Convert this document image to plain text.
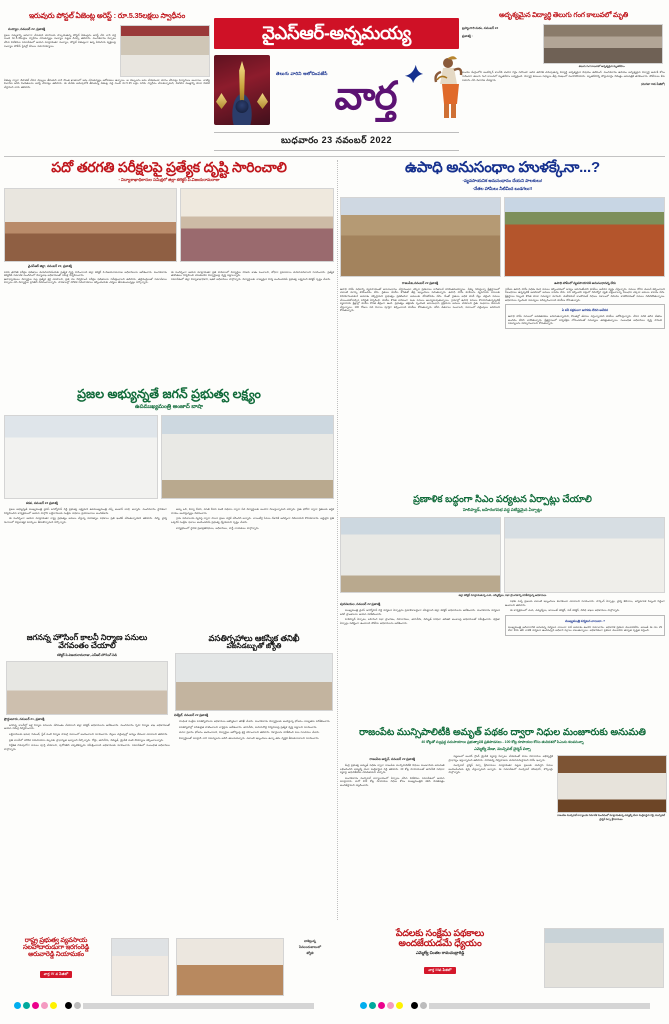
ఇరువురు పోస్టల్ ఏజెంట్ల అరెస్ట్ : రూ.5.35లక్షలు స్వాధీనం
నంద్యాల, నవంబర్ 22, ప్రజాశక్తి
ప్రజల నమ్మకాన్ని ఆసరాగా చేసుకుని మోసాలకు పాల్పడుతున్న పోస్టల్ ఏజెంట్లను అరెస్ట్ చేసి వారి వద్ద నుంచి రూ.5.35లక్షలు స్వాధీనం చేసుకున్నట్లు నంద్యాల పట్టణ డిఎస్పీ తెలిపారు. మంగళవారం ఏర్పాటు చేసిన విలేకరుల సమావేశంలో ఆయన మాట్లాడుతూ నంద్యాల, పోస్టల్ ఏజెంట్లుగా ఉన్న ఏడుగురు వ్యక్తులపై నంద్యాల పోలీస్ స్టేషన్లో కేసులు నమోదయ్యాయి.
ఏజెంట్ల ద్వారా డిపాజిట్ చేసిన డబ్బులు తీసుకుని వారి సొంత ఖాతాలలో జమ చేసుకున్నట్లు ఆరోపణలు ఉన్నాయి. ఆ డబ్బులను జమ చేయకుండా మోసం చేసినట్లు ఫిర్యాదులు అందాయి. వాటిపై విచారణ జరిపి నిందితులను అరెస్ట్ చేసినట్లు తెలిపారు. ఈ మేరకు అదుపులోకి తీసుకున్న ఏజెంట్ల వద్ద నుంచి రూ.5.35 లక్షల నగదు స్వాధీనం చేసుకున్నామని, మిగిలిన మొత్తాన్ని కూడా రికవరీ చేస్తామని వారు తెలిపారు.
వైఎస్ఆర్-అన్నమయ్య
తెలుగు వారిని ఆలోచింపజేసే
వార్త
బుధవారం 23 నవంబర్ 2022
అదృశ్యమైన విద్యార్థి తెలుగు గంగ కాలువలో మృతి
బ్రహ్మంగారి మఠం, నవంబర్ 22
ప్రజాశక్తి :
తెలుగు గంగ కాలువలో అదృశ్యమైన మృతదేహం.
మండల కేంద్రంలోని అంబేద్కర్ కాలనీకి చెందిన గడ్డం నరసింహ ఆరవ తరగతి చదువుతున్న విద్యార్థి అదృశ్యమైన విషయం తెలిసిందే. మంగళవారం ఉదయం అదృశ్యమైన విద్యార్థి ఆచూకీ కోసం గాలించగా తెలుగు గంగ కాలువలో మృతదేహం లభ్యమైంది. విద్యార్థి కుటుంబ సభ్యులు తీవ్ర దుఃఖంలో మునిగిపోయారు. మృతదేహాన్ని పోస్టుమార్టం నిమిత్తం ఆసుపత్రికి తరలించారు. పోలీసులు కేసు నమోదు చేసి విచారణ చేపట్టారు.
(మిగతా IIIవ పేజీలో)
పదో తరగతి పరీక్షలపై ప్రత్యేక దృష్టి సారించాలి
- విద్యాశాఖాధికారుల సమీక్షలో జిల్లా కలెక్టర్ పి.విజయరామరాజు
వైఎస్ఆర్ జిల్లా, నవంబర్ 22, ప్రజాశక్తి
పదవ తరగతి పరీక్షల ఫలితాలు మెరుగుపరిచేందుకు ప్రత్యేక దృష్టి సారించాలని జిల్లా కలెక్టర్ పి.విజయరామరాజు అధికారులను ఆదేశించారు. మంగళవారం కలెక్టరేట్ సమావేశ మందిరంలో విద్యాశాఖ అధికారులతో సమీక్ష నిర్వహించారు.
ఈ సందర్భంగా ఆయన మాట్లాడుతూ ప్రతి పాఠశాలలో విద్యార్థుల హాజరు శాతం పెంచాలని, బోధనా ప్రమాణాలు మెరుగుపరచాలని సూచించారు. ప్రత్యేక తరగతులు నిర్వహించి వెనుకబడిన విద్యార్థులపై దృష్టి పెట్టాలన్నారు.
ఉపాధ్యాయులు విద్యార్థుల పట్ల ప్రత్యేక శ్రద్ధ చూపాలని, ప్రతి నెల నిర్వహించే పరీక్షల ఫలితాలను సమీక్షించాలని తెలిపారు. తల్లిదండ్రులతో సమావేశాలు ఏర్పాటు చేసి విద్యార్థుల ప్రగతిని వివరించాలన్నారు. పాఠశాలల్లో మౌలిక సదుపాయాలు కల్పించేందుకు చర్యలు తీసుకుంటున్నట్లు పేర్కొన్నారు.
సమావేశంలో జిల్లా విద్యాశాఖాధికారి, ఇతర అధికారులు పాల్గొన్నారు. విద్యార్థులకు నాణ్యమైన విద్య అందించడమే ప్రభుత్వ లక్ష్యమని కలెక్టర్ స్పష్టం చేశారు.
ఉపాధి అనుసంధాం హుళక్కేనా...?
-వ్యవసాయనిక అనుసంధానం చేయని పాలకులు!
-నేతల హామీలు నీటిమీద బుడగలు!!
రాజంపేట,నవంబర్ 22 ప్రజాశక్తి
ఉపాధి హామీ పథకాన్ని వ్యవసాయంతో అనుసంధానం చేస్తామంటూ చెప్పిన ప్రకటనలు కాగితాలకే పరిమితమయ్యాయి. ఏళ్ళు గడుస్తున్నా క్షేత్రస్థాయిలో ఎలాంటి మార్పు కనిపించడం లేదు. రైతులు కూలీల కొరతతో తీవ్ర ఇబ్బందులు పడుతున్నారు. ఉపాధి హామీ కూలీలను వ్యవసాయ పనులకు వినియోగించుకునే అవకాశం కల్పిస్తామని ప్రభుత్వం ప్రకటించినా అమలుకు నోచుకోవడం లేదు. దీంతో రైతులు అధిక కూలీ రేట్లు చెల్లించి పనులు చేయించుకోవాల్సిన పరిస్థితి ఏర్పడింది. కూలీల కొరత కారణంగా పంట పనులు ఆలస్యమవుతున్నాయి. గ్రామాల్లో ఉపాధి పనులు కొనసాగుతున్నప్పటికీ వ్యవసాయ క్షేత్రాల్లో కూలీల కొరత తీవ్రంగా ఉంది. ప్రభుత్వం తక్షణమే స్పందించి అనుసంధాన ప్రక్రియను అమలు చేయాలని రైతు సంఘాలు డిమాండ్ చేస్తున్నాయి. 100 రోజుల పని దినాలు పూర్తిగా కల్పించాలని కూలీలు కోరుతున్నారు. కనీస వేతనాలు పెంచాలని, సకాలంలో చెల్లింపులు జరపాలని కోరుతున్నారు.
ఉపాధి హామీలో వ్యవసాయానికి అనుసంధానన్న లేదు
గ్రామీణ ఉపాధి హామీ పథకం కింద పనులు కల్పించడంలో జాప్యం జరుగుతోందని కూలీలు ఆవేదన వ్యక్తం చేస్తున్నారు. పనులు కోరిన వెంటనే కల్పించాలని నిబంధనలు ఉన్నప్పటికీ ఆచరణలో అమలు కావడం లేదు. పని కల్పించని పక్షంలో నిరుద్యోగ భృతి చెల్లించాలన్న నిబంధన ఎక్కడా అమలు కావడం లేదు. క్షేత్రస్థాయి సిబ్బంది కొరత కూడా సమస్యగా మారింది. మెటీరియల్ కాంపోనెంట్ నిధులు సకాలంలో విడుదల కాకపోవడంతో పనులు నిలిచిపోతున్నాయి. అధికారులు స్పందించి సమస్యలు పరిష్కరించాలని కూలీలు కోరుతున్నారు.
ఏ పనీ సక్రమంగా జరగడం లేదని ఆవేదన
ఉపాధి హామీ పనులలో అవకతవకలు జరుగుతున్నాయని, కొలతల్లో తేడాలు వస్తున్నాయని కూలీలు ఆరోపిస్తున్నారు. చేసిన పనికి తగిన వేతనం అందడం లేదని వాపోతున్నారు. క్షేత్రస్థాయిలో పర్యవేక్షణ లోపించడంతో సమస్యలు తలెత్తుతున్నాయి. సంబంధిత అధికారులు దృష్టి సారించి సమస్యలను పరిష్కరించాలని కోరుతున్నారు.
ప్రజల అభ్యున్నతే జగన్ ప్రభుత్వ లక్ష్యం
ఉపముఖ్యమంత్రి అంజాద్ బాషా
కడప, నవంబర్ 22 ప్రజాశక్తి

ప్రజల అభ్యున్నతే ముఖ్యమంత్రి వైఎస్ జగన్మోహన్ రెడ్డి ప్రభుత్వ లక్ష్యమని ఉపముఖ్యమంత్రి ఎస్బీ అంజాద్ బాషా అన్నారు. మంగళవారం స్థానికంగా నిర్వహించిన కార్యక్రమంలో ఆయన పాల్గొని లబ్ధిదారులకు సంక్షేమ పథకాల ప్రయోజనాలు అందజేశారు.

ఈ సందర్భంగా ఆయన మాట్లాడుతూ రాష్ట్ర ప్రభుత్వం అమలు చేస్తున్న నవరత్నాల పథకాలు ప్రతి ఇంటికీ చేరుతున్నాయని తెలిపారు. విద్య, వైద్య రంగాలలో విప్లవాత్మక మార్పులు తీసుకొచ్చామని పేర్కొన్నారు.

అమ్మ ఒడి, విద్యా దీవెన, వసతి దీవెన వంటి పథకాల ద్వారా పేద విద్యార్థులకు అండగా నిలుస్తున్నామని చెప్పారు. రైతు భరోసా ద్వారా రైతులకు ఆర్థిక సాయం అందిస్తున్నట్లు వివరించారు.

గ్రామ సచివాలయ వ్యవస్థ ద్వారా పాలన ప్రజల వద్దకే చేరిందని అన్నారు. వాలంటీర్ల సేవలు దేశానికే ఆదర్శంగా నిలిచాయని కొనియాడారు. అర్హులైన ప్రతి ఒక్కరికీ సంక్షేమ ఫలాలు అందించడమే ప్రభుత్వ ధ్యేయమని స్పష్టం చేశారు.

కార్యక్రమంలో స్థానిక ప్రజాప్రతినిధులు, అధికారులు, పార్టీ నాయకులు పాల్గొన్నారు.

ప్రణాళిక బద్ధంగా సిఎం పర్యటన ఏర్పాట్లు చేయాలి
హెలిప్యాడ్, బహిరంగసభ వద్ద పటిష్టమైన ఏర్పాట్లు
జిల్లా కలెక్టర్ మాట్లాడుతున్న ఎంపి, ఎమ్మెల్యేలు, సభా ప్రాంగణాన్ని పరిశీలిస్తున్న అధికారులు
పులివెందుల, నవంబర్ 22 ప్రజాశక్తి

ముఖ్యమంత్రి వైఎస్ జగన్మోహన్ రెడ్డి పర్యటన ఏర్పాట్లను ప్రణాళికాబద్ధంగా చేపట్టాలని జిల్లా కలెక్టర్ అధికారులను ఆదేశించారు. మంగళవారం పర్యటన జరిగే ప్రాంతాలను ఆయన పరిశీలించారు.

హెలిప్యాడ్ ఏర్పాటు, బహిరంగ సభా ప్రాంగణం, రహదారులు, తాగునీరు, విద్యుత్ సరఫరా తదితర అంశాలపై అధికారులతో సమీక్షించారు. భద్రతా ఏర్పాట్లు పటిష్టంగా ఉండాలని పోలీసు అధికారులను ఆదేశించారు.

సభకు వచ్చే ప్రజలకు ఎలాంటి ఇబ్బందులు కలగకుండా చూడాలని సూచించారు. పార్కింగ్ ఏర్పాట్లు, వైద్య శిబిరాలు, అగ్నిమాపక సిబ్బంది సిద్ధంగా ఉండాలని తెలిపారు.

ఈ కార్యక్రమంలో ఎంపి, ఎమ్మెల్యేలు, జాయింట్ కలెక్టర్, సబ్ కలెక్టర్, వివిధ శాఖల అధికారులు పాల్గొన్నారు.

ముఖ్యమంత్రి పర్యటన వాయిదా..?
ముఖ్యమంత్రి ఆదివారానికి అనుకున్న పర్యటన వాయిదా పడే అవకాశం ఉందని సమాచారం. అధికారిక ప్రకటన వెలువడలేదు. అయితే ఈ నెల 29 లేదా 30వ తేదీ నాటికి పర్యటన ఉండవచ్చని అధికార వర్గాలు చెబుతున్నాయి. అధికారికంగా ప్రకటన వెలువడిన తర్వాత స్పష్టత వస్తుంది.
జగనన్న హౌసింగ్ కాలనీ నిర్మాణ పనులు
వేగవంతం చేయాలి
కలెక్టర్ పి.విజయరామరాజు, ఎన్ఆర్ హౌసింగ్ పిడి
ప్రొద్దుటూరు, నవంబర్ 21, ప్రజాశక్తి

జగనన్న కాలనీల్లో ఇళ్ల నిర్మాణ పనులను వేగవంతం చేయాలని జిల్లా కలెక్టర్ అధికారులను ఆదేశించారు. మంగళవారం గృహ నిర్మాణ శాఖ అధికారులతో ఆయన సమీక్ష నిర్వహించారు.

లబ్ధిదారులకు ఇసుక, సిమెంట్, స్టీల్ వంటి నిర్మాణ సామగ్రి సకాలంలో అందించాలని సూచించారు. బిల్లుల చెల్లింపుల్లో జాప్యం లేకుండా చూడాలని తెలిపారు.

ప్రతి కాలనీలో మౌలిక సదుపాయాల కల్పనకు ప్రాధాన్యత ఇవ్వాలని పేర్కొన్నారు. రోడ్లు, తాగునీరు, విద్యుత్, డ్రైనేజీ వంటి సౌకర్యాలు కల్పించాలన్నారు.

నిర్దేశిత గడువులోగా పనులు పూర్తి చేయాలని, పురోగతిని ఎప్పటికప్పుడు సమీక్షించాలని అధికారులకు సూచించారు. సమావేశంలో సంబంధిత అధికారులు పాల్గొన్నారు.

వసతిగృహాలు ఆకస్మిక తనిఖీ
పజసిడబ్బుతో జ్యోతి
చిత్వేల్, నవంబర్ 22 ప్రజాశక్తి

సాంఘిక సంక్షేమ వసతిగృహాలను అధికారులు ఆకస్మికంగా తనిఖీ చేశారు. మంగళవారం విద్యార్థులకు అందిస్తున్న భోజనం నాణ్యతను పరిశీలించారు.

వసతిగృహాల్లో పరిశుభ్రత పాటించాలని వార్డెన్లను ఆదేశించారు. తాగునీరు, మరుగుదొడ్ల నిర్వహణపై ప్రత్యేక దృష్టి పెట్టాలని సూచించారు.

మెనూ ప్రకారం భోజనం అందించాలని, విద్యార్థుల ఆరోగ్యంపై శ్రద్ధ వహించాలని తెలిపారు. రికార్డులను పరిశీలించి పలు సూచనలు చేశారు.

విద్యార్థులతో మాట్లాడి వారి సమస్యలను అడిగి తెలుసుకున్నారు. ఎలాంటి ఇబ్బందులు ఉన్నా తమ దృష్టికి తీసుకురావాలని సూచించారు.

రాజంపేట మున్సిపాలిటీకి అమృత్ పథకం ద్వారా నిధుల మంజూరుకు అనుమతి
40 కోట్లతో స్వుప్రద్ధ సదుపాయాలు ప్రభుత్వానికి ప్రతిపాదనలు - 100 కోట్ల రూపాయల కోసం తుదిదశలో సిఎంను కలవనున్నా
ఎమ్మెల్యే మేడా, మున్సిపల్ చైర్మన్ పర్సా
రాజంపేట అర్బన్, నవంబర్ 22 ప్రజాశక్తి

కేంద్ర ప్రభుత్వ అమృత్ పథకం ద్వారా రాజంపేట మున్సిపాలిటీకి నిధులు మంజూరుకు అనుమతి లభించిందని ఎమ్మెల్యే మేడా మల్లికార్జున రెడ్డి తెలిపారు. 40 కోట్ల రూపాయలతో తాగునీటి సరఫరా వ్యవస్థ ఆధునికీకరణ చేపడతామని చెప్పారు.

మంగళవారం మున్సిపల్ కార్యాలయంలో ఏర్పాటు చేసిన విలేకరుల సమావేశంలో ఆయన మాట్లాడారు. మరో 100 కోట్ల రూపాయల నిధుల కోసం ముఖ్యమంత్రిని కలిసి వినతిపత్రం అందజేస్తామని వెల్లడించారు.

పట్టణంలో అండర్ గ్రౌండ్ డ్రైనేజీ వ్యవస్థ ఏర్పాటు చేయడంతో పాటు రహదారుల అభివృద్ధికి ప్రాధాన్యం ఇస్తున్నామని తెలిపారు. పారిశుధ్య నిర్వహణను మెరుగుపరుస్తామని హామీ ఇచ్చారు.

మున్సిపల్ చైర్మన్ పర్సా శ్రీనివాసులు మాట్లాడుతూ పట్టణ ప్రజలకు మెరుగైన సేవలు అందించేందుకు కృషి చేస్తున్నామని అన్నారు. ఈ సమావేశంలో మున్సిపల్ కమిషనర్, కౌన్సిలర్లు పాల్గొన్నారు.

రాజంపేట మున్సిపల్ కార్యాలయ సమావేశ మందిరంలో మాట్లాడుతున్న ఎమ్మెల్యే మేడా మల్లికార్జున రెడ్డి, మున్సిపల్ చైర్మన్ పర్సా శ్రీనివాసులు
రాష్ట్ర ప్రభుత్వ వ్యవసాయ
సలహాదారుడుగా ఇరగంరెడ్డి
అరువారెడ్డి నియామకం
వార్త IV వ పేజీలో
బాకెట్లున్న
సేవలందుబాటులో
జ్యోతి
పేదలకు సంక్షేమ పథకాలు
అందజేయడమే ధ్యేయం
ఎమ్మెల్యే చింతల రామచంద్రారెడ్డి
వార్త IIIవ పేజీలో
